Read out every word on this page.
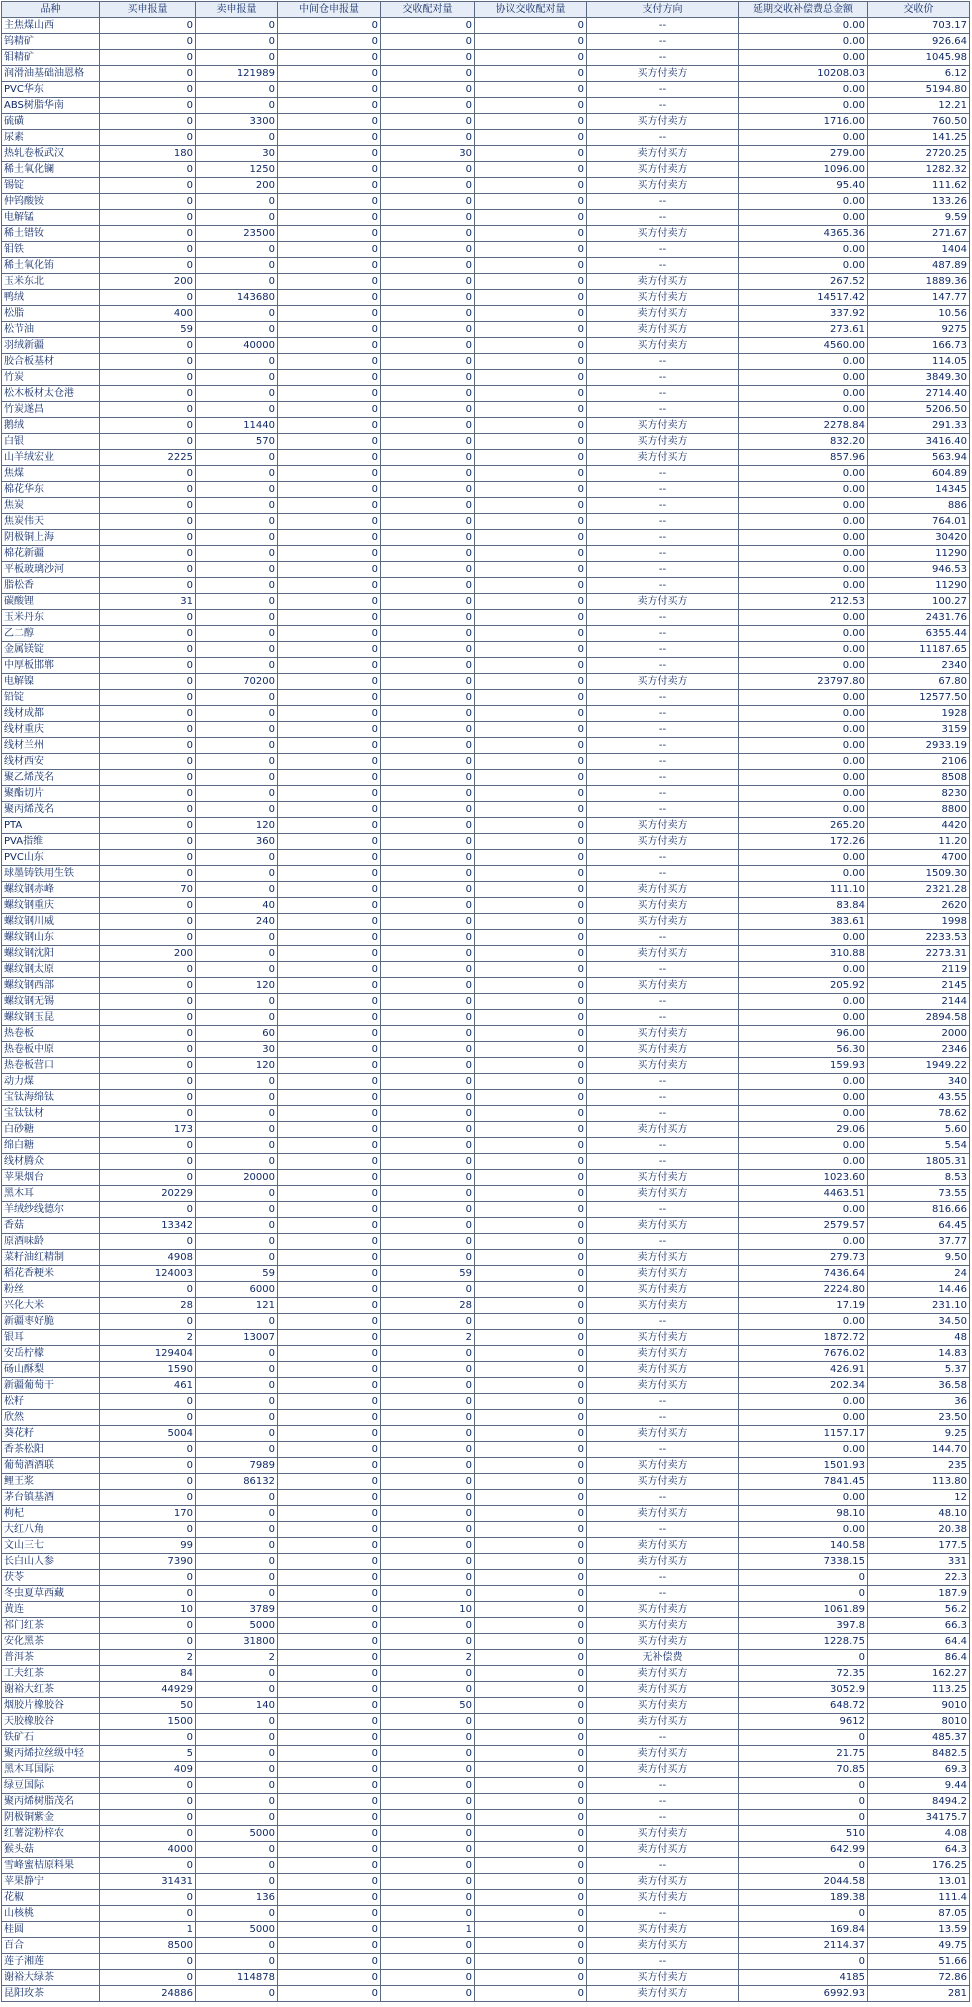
品种	买申报量	卖申报量	中间仓申报量	交收配对量	协议交收配对量	支付方向	延期交收补偿费总金额	交收价
主焦煤山西	0	0	0	0	0	--	0.00	703.17
钨精矿	0	0	0	0	0	--	0.00	926.64
钼精矿	0	0	0	0	0	--	0.00	1045.98
润滑油基础油恩格	0	121989	0	0	0	买方付卖方	10208.03	6.12
PVC华东	0	0	0	0	0	--	0.00	5194.80
ABS树脂华南	0	0	0	0	0	--	0.00	12.21
硫磺	0	3300	0	0	0	买方付卖方	1716.00	760.50
尿素	0	0	0	0	0	--	0.00	141.25
热轧卷板武汉	180	30	0	30	0	卖方付买方	279.00	2720.25
稀土氧化镧	0	1250	0	0	0	买方付卖方	1096.00	1282.32
锡锭	0	200	0	0	0	买方付卖方	95.40	111.62
仲钨酸铵	0	0	0	0	0	--	0.00	133.26
电解锰	0	0	0	0	0	--	0.00	9.59
稀土镨钕	0	23500	0	0	0	买方付卖方	4365.36	271.67
钼铁	0	0	0	0	0	--	0.00	1404
稀土氧化铕	0	0	0	0	0	--	0.00	487.89
玉米东北	200	0	0	0	0	卖方付买方	267.52	1889.36
鸭绒	0	143680	0	0	0	买方付卖方	14517.42	147.77
松脂	400	0	0	0	0	卖方付买方	337.92	10.56
松节油	59	0	0	0	0	卖方付买方	273.61	9275
羽绒新疆	0	40000	0	0	0	买方付卖方	4560.00	166.73
胶合板基材	0	0	0	0	0	--	0.00	114.05
竹炭	0	0	0	0	0	--	0.00	3849.30
松木板材太仓港	0	0	0	0	0	--	0.00	2714.40
竹炭遂昌	0	0	0	0	0	--	0.00	5206.50
鹅绒	0	11440	0	0	0	买方付卖方	2278.84	291.33
白银	0	570	0	0	0	买方付卖方	832.20	3416.40
山羊绒宏业	2225	0	0	0	0	卖方付买方	857.96	563.94
焦煤	0	0	0	0	0	--	0.00	604.89
棉花华东	0	0	0	0	0	--	0.00	14345
焦炭	0	0	0	0	0	--	0.00	886
焦炭伟天	0	0	0	0	0	--	0.00	764.01
阴极铜上海	0	0	0	0	0	--	0.00	30420
棉花新疆	0	0	0	0	0	--	0.00	11290
平板玻璃沙河	0	0	0	0	0	--	0.00	946.53
脂松香	0	0	0	0	0	--	0.00	11290
碳酸锂	31	0	0	0	0	卖方付买方	212.53	100.27
玉米丹东	0	0	0	0	0	--	0.00	2431.76
乙二醇	0	0	0	0	0	--	0.00	6355.44
金属镁锭	0	0	0	0	0	--	0.00	11187.65
中厚板邯郸	0	0	0	0	0	--	0.00	2340
电解镍	0	70200	0	0	0	买方付卖方	23797.80	67.80
铅锭	0	0	0	0	0	--	0.00	12577.50
线材成都	0	0	0	0	0	--	0.00	1928
线材重庆	0	0	0	0	0	--	0.00	3159
线材兰州	0	0	0	0	0	--	0.00	2933.19
线材西安	0	0	0	0	0	--	0.00	2106
聚乙烯茂名	0	0	0	0	0	--	0.00	8508
聚酯切片	0	0	0	0	0	--	0.00	8230
聚丙烯茂名	0	0	0	0	0	--	0.00	8800
PTA	0	120	0	0	0	买方付卖方	265.20	4420
PVA指维	0	360	0	0	0	买方付卖方	172.26	11.20
PVC山东	0	0	0	0	0	--	0.00	4700
球墨铸铁用生铁	0	0	0	0	0	--	0.00	1509.30
螺纹钢赤峰	70	0	0	0	0	卖方付买方	111.10	2321.28
螺纹钢重庆	0	40	0	0	0	买方付卖方	83.84	2620
螺纹钢川威	0	240	0	0	0	买方付卖方	383.61	1998
螺纹钢山东	0	0	0	0	0	--	0.00	2233.53
螺纹钢沈阳	200	0	0	0	0	卖方付买方	310.88	2273.31
螺纹钢太原	0	0	0	0	0	--	0.00	2119
螺纹钢西部	0	120	0	0	0	买方付卖方	205.92	2145
螺纹钢无锡	0	0	0	0	0	--	0.00	2144
螺纹钢玉昆	0	0	0	0	0	--	0.00	2894.58
热卷板	0	60	0	0	0	买方付卖方	96.00	2000
热卷板中原	0	30	0	0	0	买方付卖方	56.30	2346
热卷板营口	0	120	0	0	0	买方付卖方	159.93	1949.22
动力煤	0	0	0	0	0	--	0.00	340
宝钛海绵钛	0	0	0	0	0	--	0.00	43.55
宝钛钛材	0	0	0	0	0	--	0.00	78.62
白砂糖	173	0	0	0	0	卖方付买方	29.06	5.60
绵白糖	0	0	0	0	0	--	0.00	5.54
线材腾众	0	0	0	0	0	--	0.00	1805.31
苹果烟台	0	20000	0	0	0	买方付卖方	1023.60	8.53
黑木耳	20229	0	0	0	0	卖方付买方	4463.51	73.55
羊绒纱线德尔	0	0	0	0	0	--	0.00	816.66
香菇	13342	0	0	0	0	卖方付买方	2579.57	64.45
原酒味龄	0	0	0	0	0	--	0.00	37.77
菜籽油红精制	4908	0	0	0	0	卖方付买方	279.73	9.50
稻花香粳米	124003	59	0	59	0	卖方付买方	7436.64	24
粉丝	0	6000	0	0	0	买方付卖方	2224.80	14.46
兴化大米	28	121	0	28	0	买方付卖方	17.19	231.10
新疆枣好脆	0	0	0	0	0	--	0.00	34.50
银耳	2	13007	0	2	0	买方付卖方	1872.72	48
安岳柠檬	129404	0	0	0	0	卖方付买方	7676.02	14.83
砀山酥梨	1590	0	0	0	0	卖方付买方	426.91	5.37
新疆葡萄干	461	0	0	0	0	卖方付买方	202.34	36.58
松籽	0	0	0	0	0	--	0.00	36
欣然	0	0	0	0	0	--	0.00	23.50
葵花籽	5004	0	0	0	0	卖方付买方	1157.17	9.25
香茶松阳	0	0	0	0	0	--	0.00	144.70
葡萄酒酒联	0	7989	0	0	0	买方付卖方	1501.93	235
鲤王浆	0	86132	0	0	0	买方付卖方	7841.45	113.80
茅台镇基酒	0	0	0	0	0	--	0.00	12
枸杞	170	0	0	0	0	卖方付买方	98.10	48.10
大红八角	0	0	0	0	0	--	0.00	20.38
文山三七	99	0	0	0	0	卖方付买方	140.58	177.5
长白山人参	7390	0	0	0	0	卖方付买方	7338.15	331
茯苓	0	0	0	0	0	--	0	22.3
冬虫夏草西藏	0	0	0	0	0	--	0	187.9
黄连	10	3789	0	10	0	买方付卖方	1061.89	56.2
祁门红茶	0	5000	0	0	0	买方付卖方	397.8	66.3
安化黑茶	0	31800	0	0	0	买方付卖方	1228.75	64.4
普洱茶	2	2	0	2	0	无补偿费	0	86.4
工夫红茶	84	0	0	0	0	卖方付买方	72.35	162.27
谢裕大红茶	44929	0	0	0	0	卖方付买方	3052.9	113.25
烟胶片橡胶谷	50	140	0	50	0	买方付卖方	648.72	9010
天胶橡胶谷	1500	0	0	0	0	卖方付买方	9612	8010
铁矿石	0	0	0	0	0	--	0	485.37
聚丙烯拉丝级中轻	5	0	0	0	0	卖方付买方	21.75	8482.5
黑木耳国际	409	0	0	0	0	卖方付买方	70.85	69.3
绿豆国际	0	0	0	0	0	--	0	9.44
聚丙烯树脂茂名	0	0	0	0	0	--	0	8494.2
阴极铜紫金	0	0	0	0	0	--	0	34175.7
红薯淀粉梓农	0	5000	0	0	0	买方付卖方	510	4.08
猴头菇	4000	0	0	0	0	卖方付买方	642.99	64.3
雪峰蜜桔原料果	0	0	0	0	0	--	0	176.25
苹果静宁	31431	0	0	0	0	卖方付买方	2044.58	13.01
花椒	0	136	0	0	0	买方付卖方	189.38	111.4
山核桃	0	0	0	0	0	--	0	87.05
桂圆	1	5000	0	1	0	买方付卖方	169.84	13.59
百合	8500	0	0	0	0	卖方付买方	2114.37	49.75
莲子湘莲	0	0	0	0	0	--	0	51.66
谢裕大绿茶	0	114878	0	0	0	买方付卖方	4185	72.86
昆阳玫茶	24886	0	0	0	0	卖方付买方	6992.93	281
